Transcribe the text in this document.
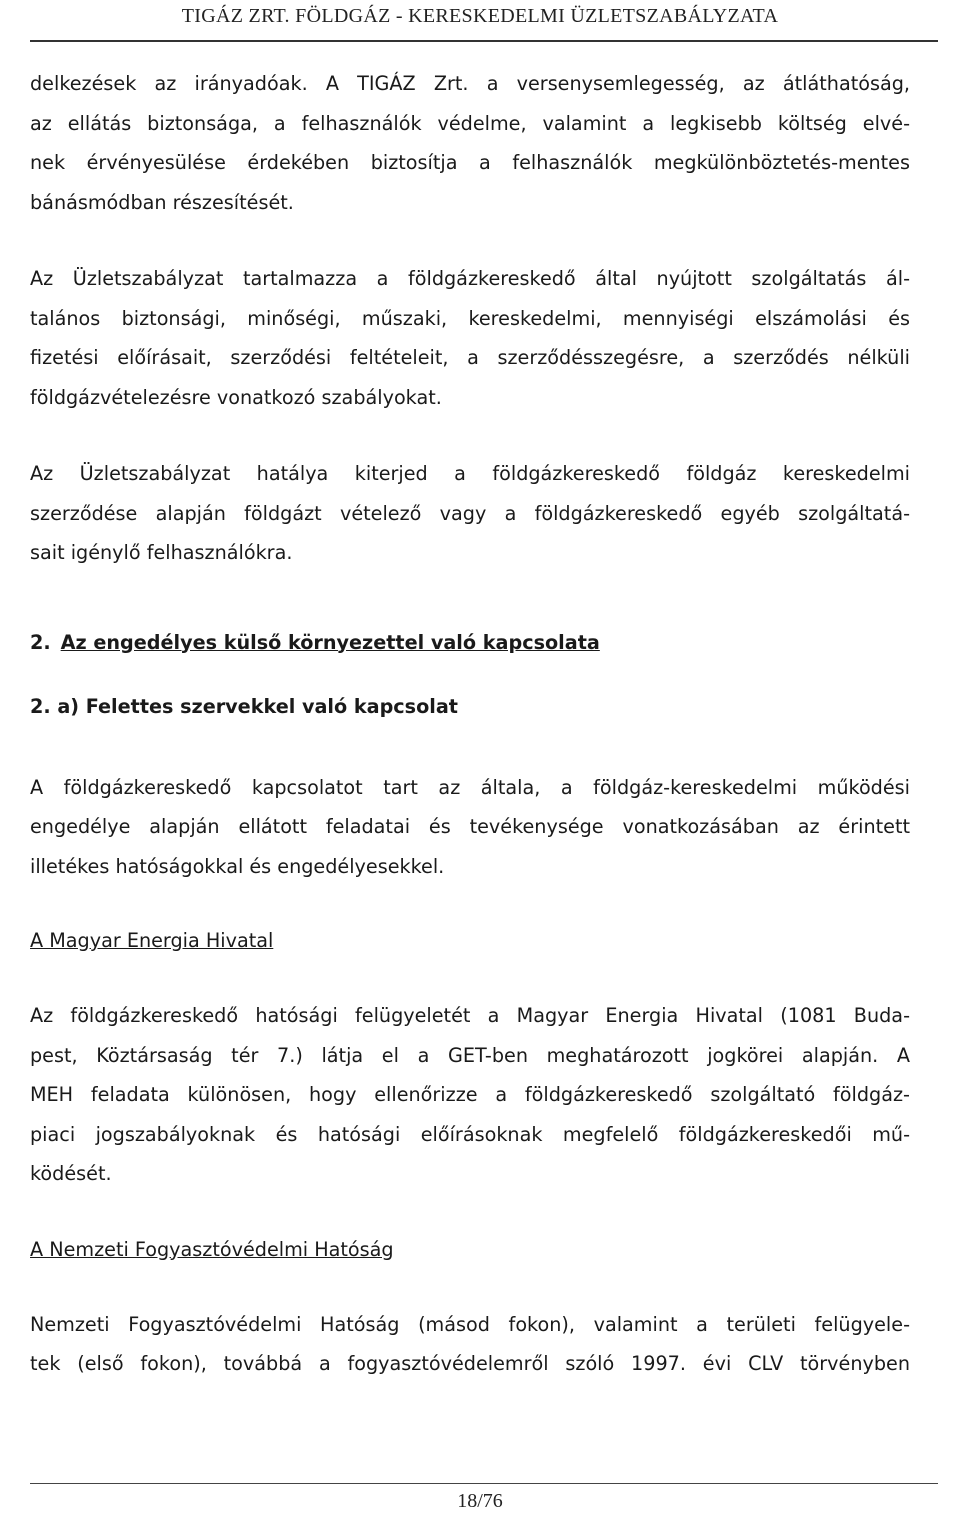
TIGÁZ ZRT. FÖLDGÁZ - KERESKEDELMI ÜZLETSZABÁLYZATA
delkezések az irányadóak. A TIGÁZ Zrt. a versenysemlegesség, az átláthatóság,
az ellátás biztonsága, a felhasználók védelme, valamint a legkisebb költség elvé-
nek érvényesülése érdekében biztosítja a felhasználók megkülönböztetés-mentes
bánásmódban részesítését.
Az Üzletszabályzat tartalmazza a földgázkereskedő által nyújtott szolgáltatás ál-
talános biztonsági, minőségi, műszaki, kereskedelmi, mennyiségi elszámolási és
fizetési előírásait, szerződési feltételeit, a szerződésszegésre, a szerződés nélküli
földgázvételezésre vonatkozó szabályokat.
Az Üzletszabályzat hatálya kiterjed a földgázkereskedő földgáz kereskedelmi
szerződése alapján földgázt vételező vagy a földgázkereskedő egyéb szolgáltatá-
sait igénylő felhasználókra.
2. Az engedélyes külső környezettel való kapcsolata
2. a) Felettes szervekkel való kapcsolat
A földgázkereskedő kapcsolatot tart az általa, a földgáz-kereskedelmi működési
engedélye alapján ellátott feladatai és tevékenysége vonatkozásában az érintett
illetékes hatóságokkal és engedélyesekkel.
A Magyar Energia Hivatal
Az földgázkereskedő hatósági felügyeletét a Magyar Energia Hivatal (1081 Buda-
pest, Köztársaság tér 7.) látja el a GET-ben meghatározott jogkörei alapján. A
MEH feladata különösen, hogy ellenőrizze a földgázkereskedő szolgáltató földgáz-
piaci jogszabályoknak és hatósági előírásoknak megfelelő földgázkereskedői mű-
ködését.
A Nemzeti Fogyasztóvédelmi Hatóság
Nemzeti Fogyasztóvédelmi Hatóság (másod fokon), valamint a területi felügyele-
tek (első fokon), továbbá a fogyasztóvédelemről szóló 1997. évi CLV törvényben
18/76
